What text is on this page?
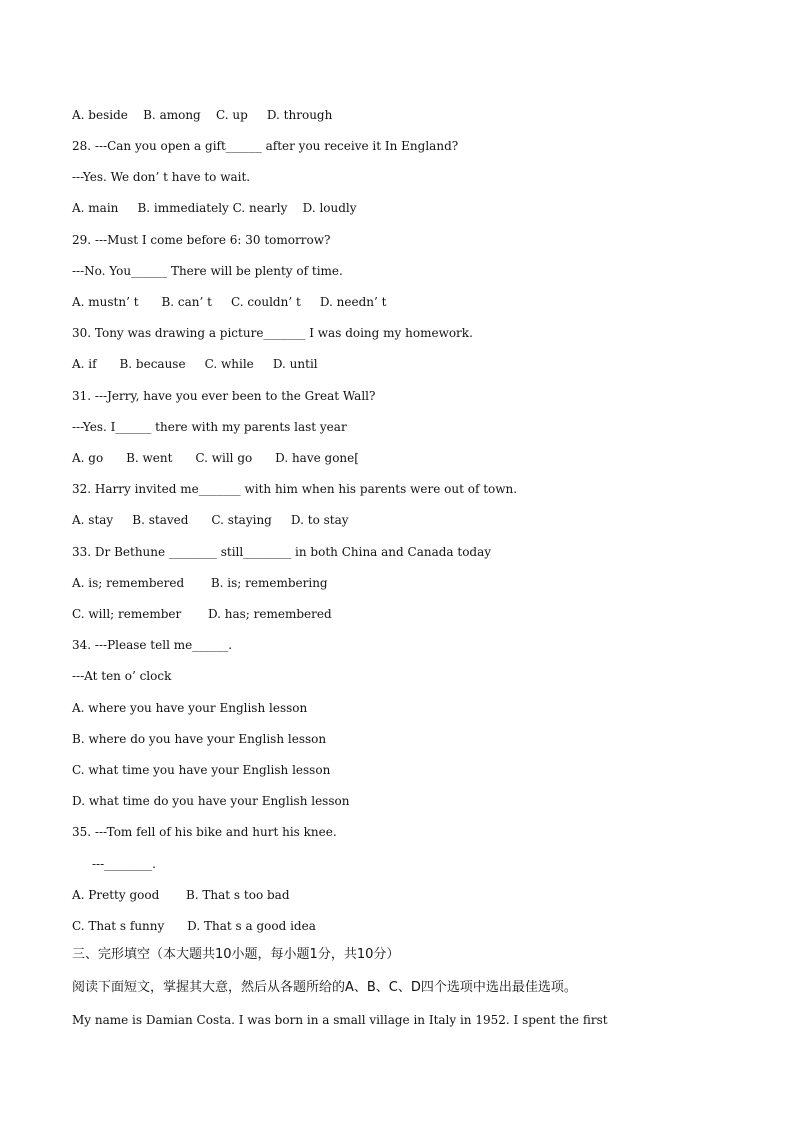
A. beside    B. among    C. up     D. through
28. ---Can you open a gift______ after you receive it In England?
---Yes. We don’ t have to wait.
A. main     B. immediately C. nearly    D. loudly
29. ---Must I come before 6: 30 tomorrow?
---No. You______ There will be plenty of time.
A. mustn’ t      B. can’ t     C. couldn’ t     D. needn’ t
30. Tony was drawing a picture_______ I was doing my homework.
A. if      B. because     C. while     D. until
31. ---Jerry, have you ever been to the Great Wall?
---Yes. I______ there with my parents last year
A. go      B. went      C. will go      D. have gone[
32. Harry invited me_______ with him when his parents were out of town.
A. stay     B. staved      C. staying     D. to stay
33. Dr Bethune ________ still________ in both China and Canada today
A. is; remembered       B. is; remembering
C. will; remember       D. has; remembered
34. ---Please tell me______.
---At ten o’ clock
A. where you have your English lesson
B. where do you have your English lesson
C. what time you have your English lesson
D. what time do you have your English lesson
35. ---Tom fell of his bike and hurt his knee.
---________.
A. Pretty good       B. That s too bad
C. That s funny      D. That s a good idea
三、完形填空（本大题共10小题，每小题1分，共10分）
阅读下面短文，掌握其大意，然后从各题所给的A、B、C、D四个选项中选出最佳选项。
My name is Damian Costa. I was born in a small village in Italy in 1952. I spent the first
